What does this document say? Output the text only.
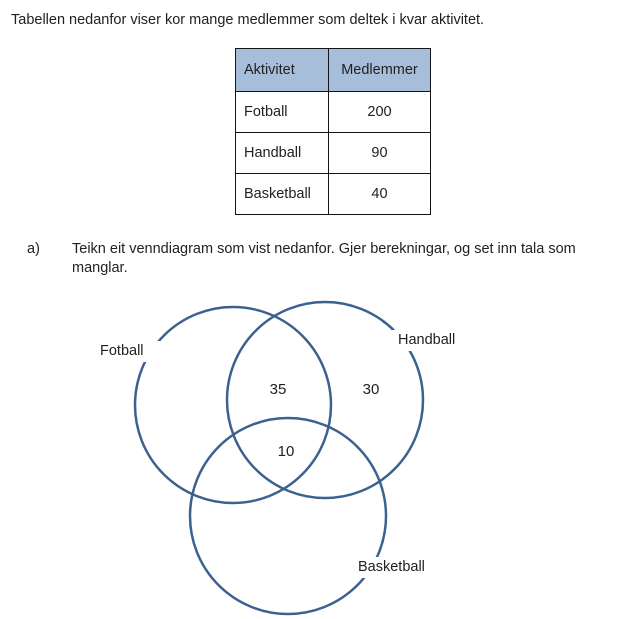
Tabellen nedanfor viser kor mange medlemmer som deltek i kvar aktivitet.

Aktivitet	Medlemmer
Fotball	200
Handball	90
Basketball	40
a) Teikn eit venndiagram som vist nedanfor. Gjer berekningar, og set inn tala som
manglar.
Fotball
Handball
Basketball
35	30
10
